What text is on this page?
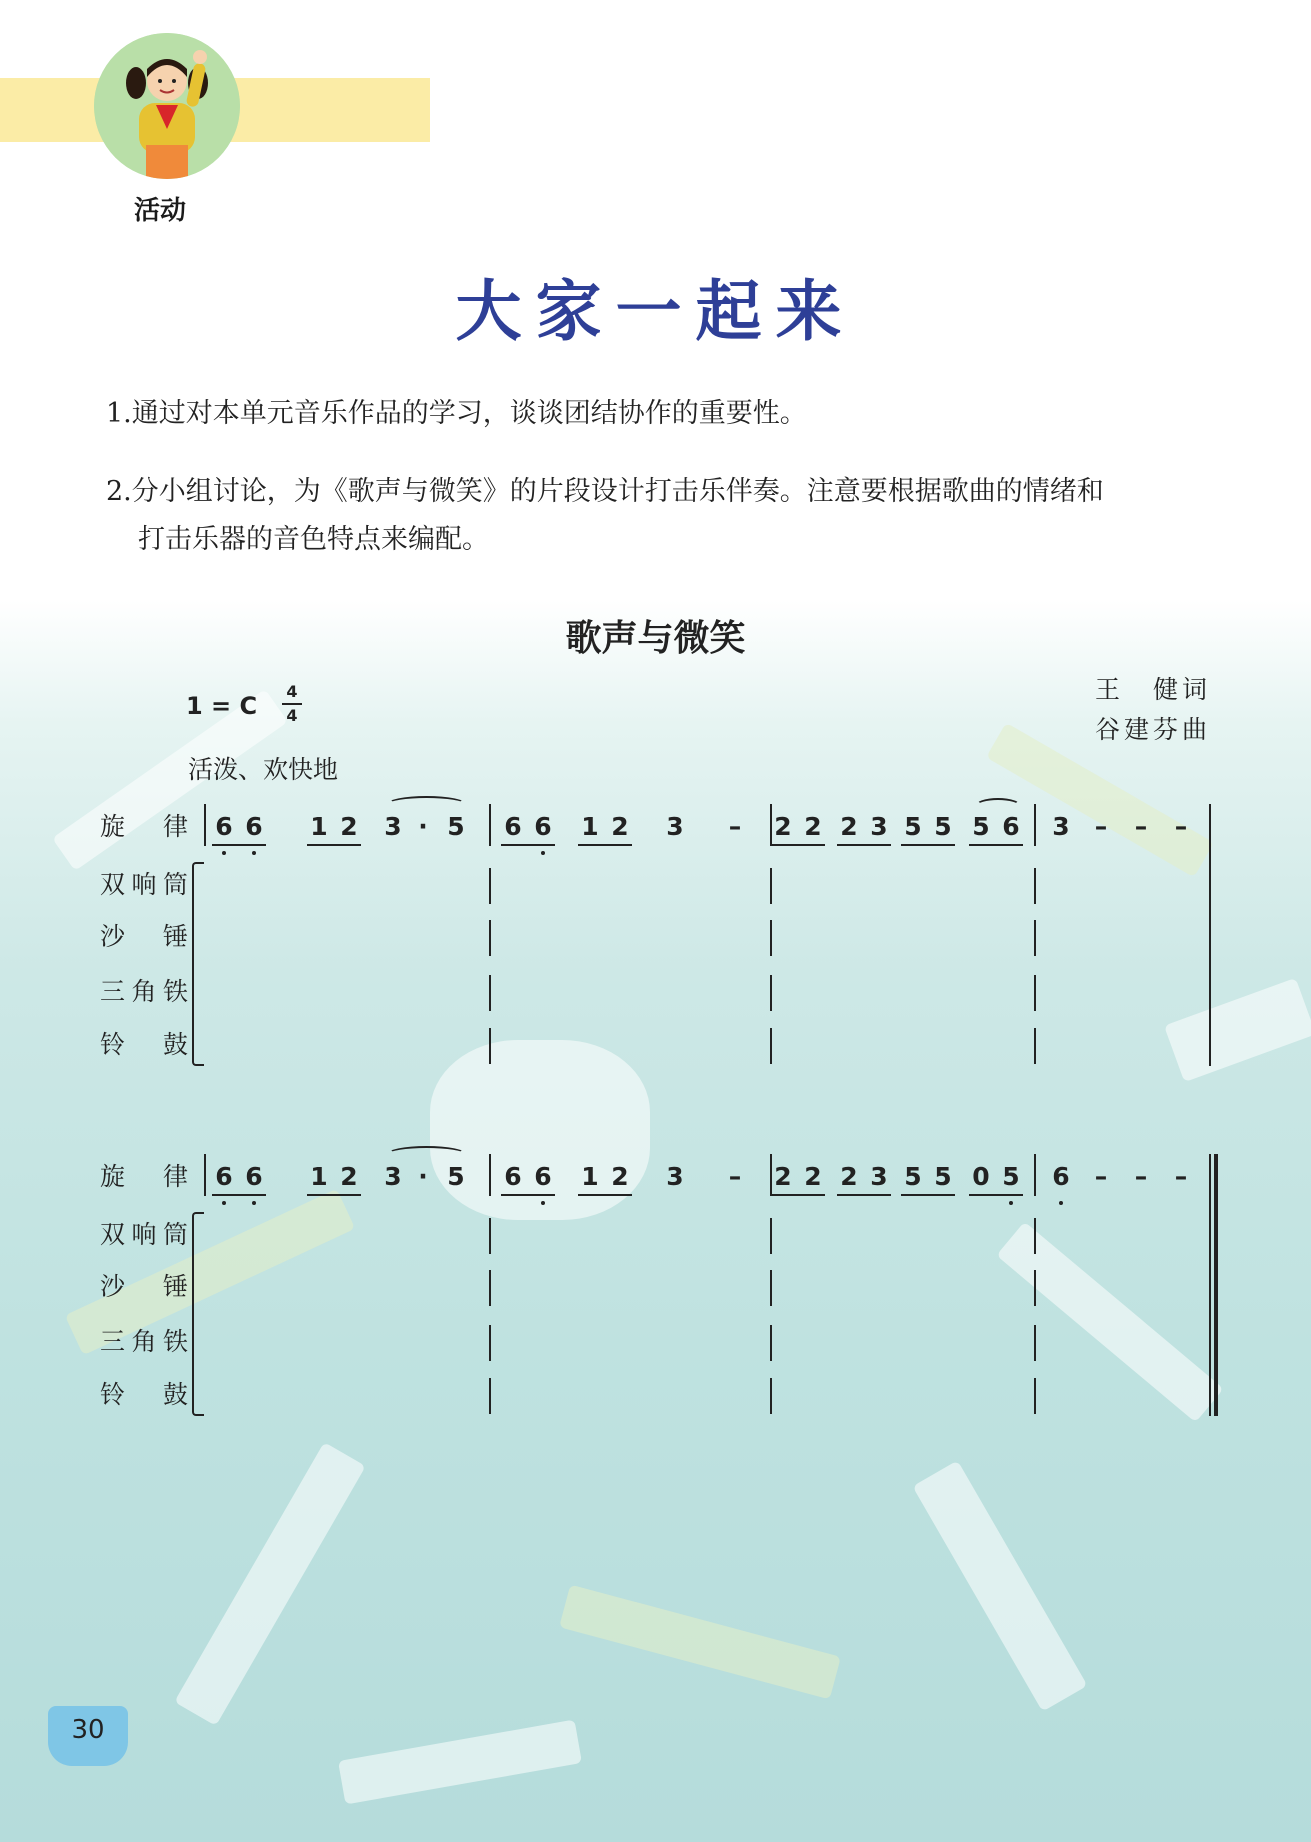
活动
大家一起来
1.通过对本单元音乐作品的学习，谈谈团结协作的重要性。
2.分小组讨论，为《歌声与微笑》的片段设计打击乐伴奏。注意要根据歌曲的情绪和
打击乐器的音色特点来编配。
歌声与微笑
王　健词
谷建芬曲
1 = C
4
4
活泼、欢快地
旋　律
双响筒
沙　锤
三角铁
铃　鼓
6 6 1 2 3 · 5 6 6 1 2 3 – 2 2 2 3 5 5 5 6 3 – – –
旋　律
双响筒
沙　锤
三角铁
铃　鼓
6 6 1 2 3 · 5 6 6 1 2 3 – 2 2 2 3 5 5 0 5 6 – – –
30
